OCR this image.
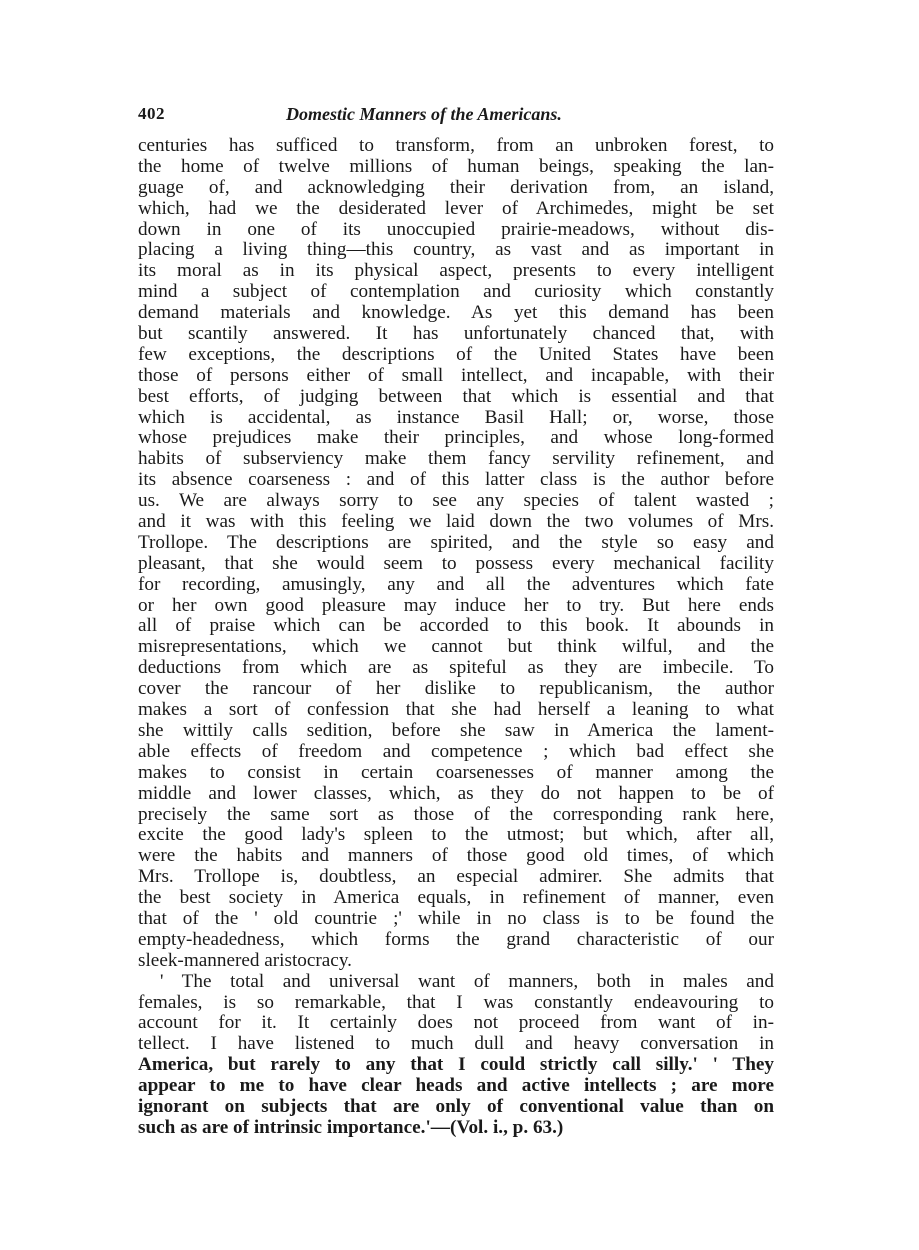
402	Domestic Manners of the Americans.
centuries has sufficed to transform, from an unbroken forest, to
the home of twelve millions of human beings, speaking the lan-
guage of, and acknowledging their derivation from, an island,
which, had we the desiderated lever of Archimedes, might be set
down in one of its unoccupied prairie-meadows, without dis-
placing a living thing—this country, as vast and as important in
its moral as in its physical aspect, presents to every intelligent
mind a subject of contemplation and curiosity which constantly
demand materials and knowledge. As yet this demand has been
but scantily answered. It has unfortunately chanced that, with
few exceptions, the descriptions of the United States have been
those of persons either of small intellect, and incapable, with their
best efforts, of judging between that which is essential and that
which is accidental, as instance Basil Hall; or, worse, those
whose prejudices make their principles, and whose long-formed
habits of subserviency make them fancy servility refinement, and
its absence coarseness : and of this latter class is the author before
us. We are always sorry to see any species of talent wasted ;
and it was with this feeling we laid down the two volumes of Mrs.
Trollope. The descriptions are spirited, and the style so easy and
pleasant, that she would seem to possess every mechanical facility
for recording, amusingly, any and all the adventures which fate
or her own good pleasure may induce her to try. But here ends
all of praise which can be accorded to this book. It abounds in
misrepresentations, which we cannot but think wilful, and the
deductions from which are as spiteful as they are imbecile. To
cover the rancour of her dislike to republicanism, the author
makes a sort of confession that she had herself a leaning to what
she wittily calls sedition, before she saw in America the lament-
able effects of freedom and competence ; which bad effect she
makes to consist in certain coarsenesses of manner among the
middle and lower classes, which, as they do not happen to be of
precisely the same sort as those of the corresponding rank here,
excite the good lady's spleen to the utmost; but which, after all,
were the habits and manners of those good old times, of which
Mrs. Trollope is, doubtless, an especial admirer. She admits that
the best society in America equals, in refinement of manner, even
that of the ' old countrie ;' while in no class is to be found the
empty-headedness, which forms the grand characteristic of our
sleek-mannered aristocracy.
' The total and universal want of manners, both in males and
females, is so remarkable, that I was constantly endeavouring to
account for it. It certainly does not proceed from want of in-
tellect. I have listened to much dull and heavy conversation in
America, but rarely to any that I could strictly call silly.' ' They
appear to me to have clear heads and active intellects ; are more
ignorant on subjects that are only of conventional value than on
such as are of intrinsic importance.'—(Vol. i., p. 63.)
